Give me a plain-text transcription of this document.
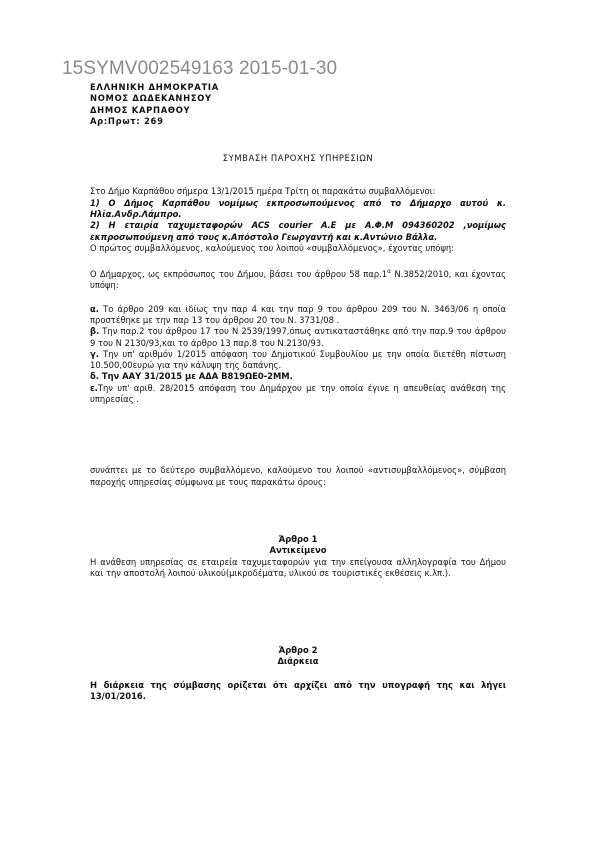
15SYMV002549163 2015-01-30

ΕΛΛΗΝΙΚΗ ΔΗΜΟΚΡΑΤΙΑ

ΝΟΜΟΣ ΔΩΔΕΚΑΝΗΣΟΥ

ΔΗΜΟΣ ΚΑΡΠΑΘΟΥ

Αρ:Πρωτ: 269

ΣΥΜΒΑΣΗ ΠΑΡΟΧΗΣ ΥΠΗΡΕΣΙΩΝ

Στο Δήμο Καρπάθου σήμερα 13/1/2015 ημέρα Τρίτη οι παρακάτω συμβαλλόμενοι:

1) Ο Δήμος Καρπάθου νομίμως εκπροσωπούμενος από το Δήμαρχο αυτού κ. Ηλία.Ανδρ.Λάμπρο.

2) Η εταιρία ταχυμεταφορών ACS courier Α.Ε με Α.Φ.Μ 094360202 ,νομίμως εκπροσωπούμενη από τους κ.Απόστολο Γεωργαντή και κ.Αντώνιο Βάλλα.

Ο πρώτος συμβαλλόμενος, καλούμενος του λοιπού «συμβαλλόμενος», έχοντας υπόψη:

Ο Δήμαρχος, ως εκπρόσωπος του Δήμου, βάσει του άρθρου 58 $\pi\alpha\rho.1^\alpha$ Ν.3852/2010, και έχοντας υπόψη:

α. Το άρθρο 209 και ιδίως την παρ 4 και την παρ 9 του άρθρου 209 του Ν. 3463/06 η οποία προστέθηκε με την παρ 13 του άρθρου 20 του Ν. 3731/08 .

β. Την παρ.2 του άρθρου 17 του Ν 2539/1997,όπως αντικαταστάθηκε από την παρ.9 του άρθρου 9 του Ν 2130/93,και το άρθρο 13 παρ.8 του Ν.2130/93.

γ. Την υπ' αριθμόν 1/2015 απόφαση του Δημοτικού Συμβουλίου με την οποία διετέθη πίστωση 10.500,00ευρώ για την κάλυψη της δαπάνης.

δ. Την ΑΑΥ 31/2015 με ΑΔΑ Β819ΩΕ0-2ΜΜ.

ε.Την υπ' αριθ. 28/2015 απόφαση του Δημάρχου με την οποία έγινε η απευθείας ανάθεση της υπηρεσίας .

συνάπτει με το δεύτερο συμβαλλόμενο, καλούμενο του λοιπού «αντισυμβαλλόμενος», σύμβαση παροχής υπηρεσίας σύμφωνα με τους παρακάτω όρους:

Άρθρο 1

Αντικείμενο

Η ανάθεση υπηρεσίας σε εταιρεία ταχυμεταφορών για την επείγουσα αλληλογραφία του Δήμου και την αποστολή λοιπού υλικού(μικροδέματα, υλικού σε τουριστικές εκθέσεις κ.λπ.).

Άρθρο 2

Διάρκεια

Η διάρκεια της σύμβασης ορίζεται ότι αρχίζει από την υπογραφή της και λήγει 13/01/2016.
